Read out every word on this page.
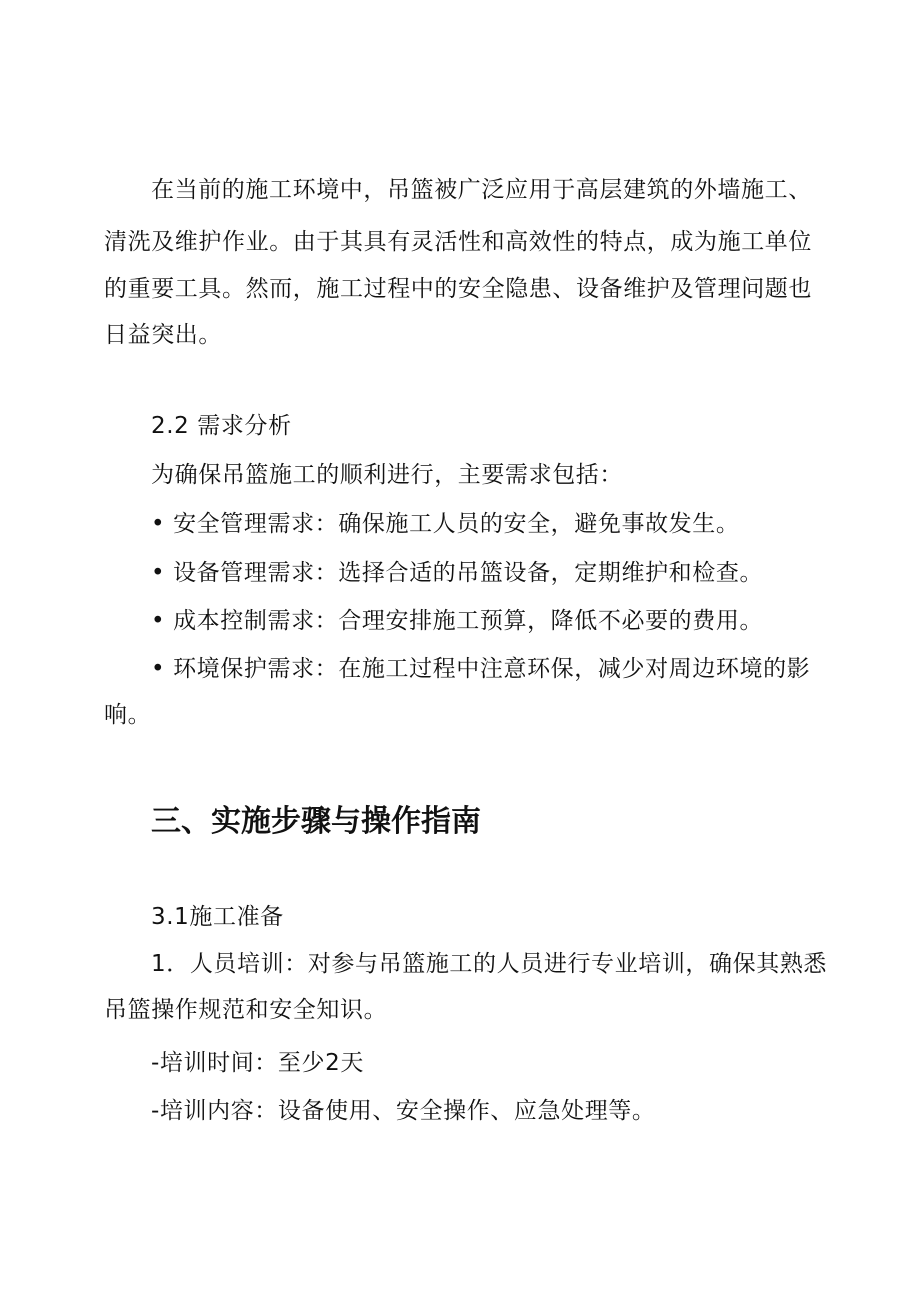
在当前的施工环境中，吊篮被广泛应用于高层建筑的外墙施工、

清洗及维护作业。由于其具有灵活性和高效性的特点，成为施工单位

的重要工具。然而，施工过程中的安全隐患、设备维护及管理问题也

日益突出。

2.2 需求分析

为确保吊篮施工的顺利进行，主要需求包括：

• 安全管理需求：确保施工人员的安全，避免事故发生。

• 设备管理需求：选择合适的吊篮设备，定期维护和检查。

• 成本控制需求：合理安排施工预算，降低不必要的费用。

• 环境保护需求：在施工过程中注意环保，减少对周边环境的影

响。

三、实施步骤与操作指南

3.1施工准备

1．人员培训：对参与吊篮施工的人员进行专业培训，确保其熟悉

吊篮操作规范和安全知识。

-培训时间：至少2天

-培训内容：设备使用、安全操作、应急处理等。
